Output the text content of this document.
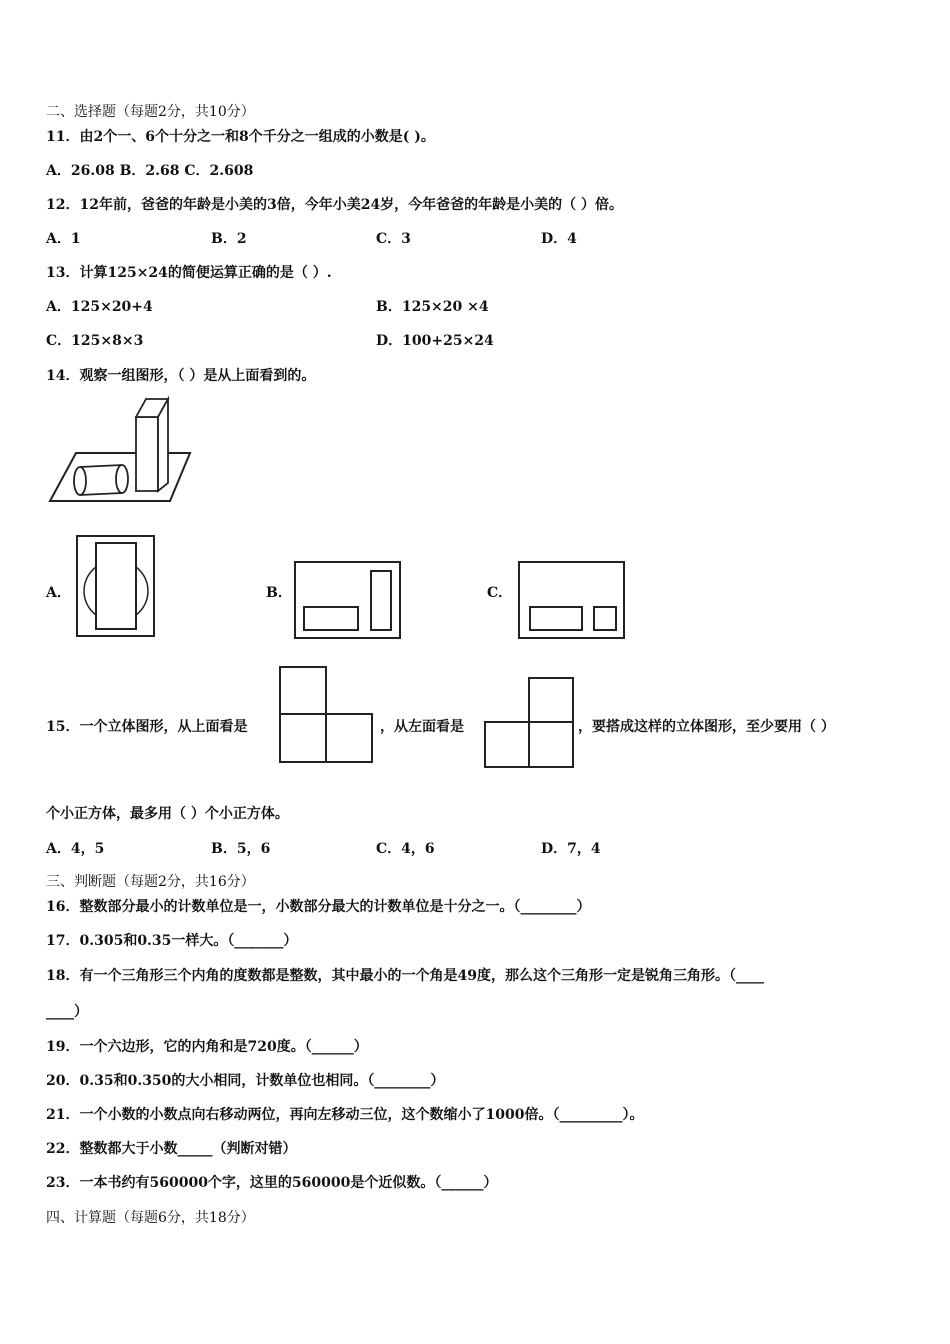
二、选择题（每题2分，共10分）
11．由2个一、6个十分之一和8个千分之一组成的小数是( )。
A．26.08 B．2.68 C．2.608
12．12年前，爸爸的年龄是小美的3倍，今年小美24岁，今年爸爸的年龄是小美的（ ）倍。
A．1	B．2	C．3	D．4
13．计算125×24的简便运算正确的是（ ）.
A．125×20+4	B．125×20 ×4
C．125×8×3	D．100+25×24
14．观察一组图形，（ ）是从上面看到的。
A．	B．	C．
15．一个立体图形，从上面看是	，从左面看是	，要搭成这样的立体图形，至少要用（ ）
个小正方体，最多用（ ）个小正方体。
A．4，5	B．5，6	C．4，6	D．7，4
三、判断题（每题2分，共16分）
16．整数部分最小的计数单位是一，小数部分最大的计数单位是十分之一。（________）
17．0.305和0.35一样大。（_______）
18．有一个三角形三个内角的度数都是整数，其中最小的一个角是49度，那么这个三角形一定是锐角三角形。（____
____）
19．一个六边形，它的内角和是720度。（______）
20．0.35和0.350的大小相同，计数单位也相同。（________）
21．一个小数的小数点向右移动两位，再向左移动三位，这个数缩小了1000倍。（_________）。
22．整数都大于小数_____（判断对错）
23．一本书约有560000个字，这里的560000是个近似数。（______）
四、计算题（每题6分，共18分）
